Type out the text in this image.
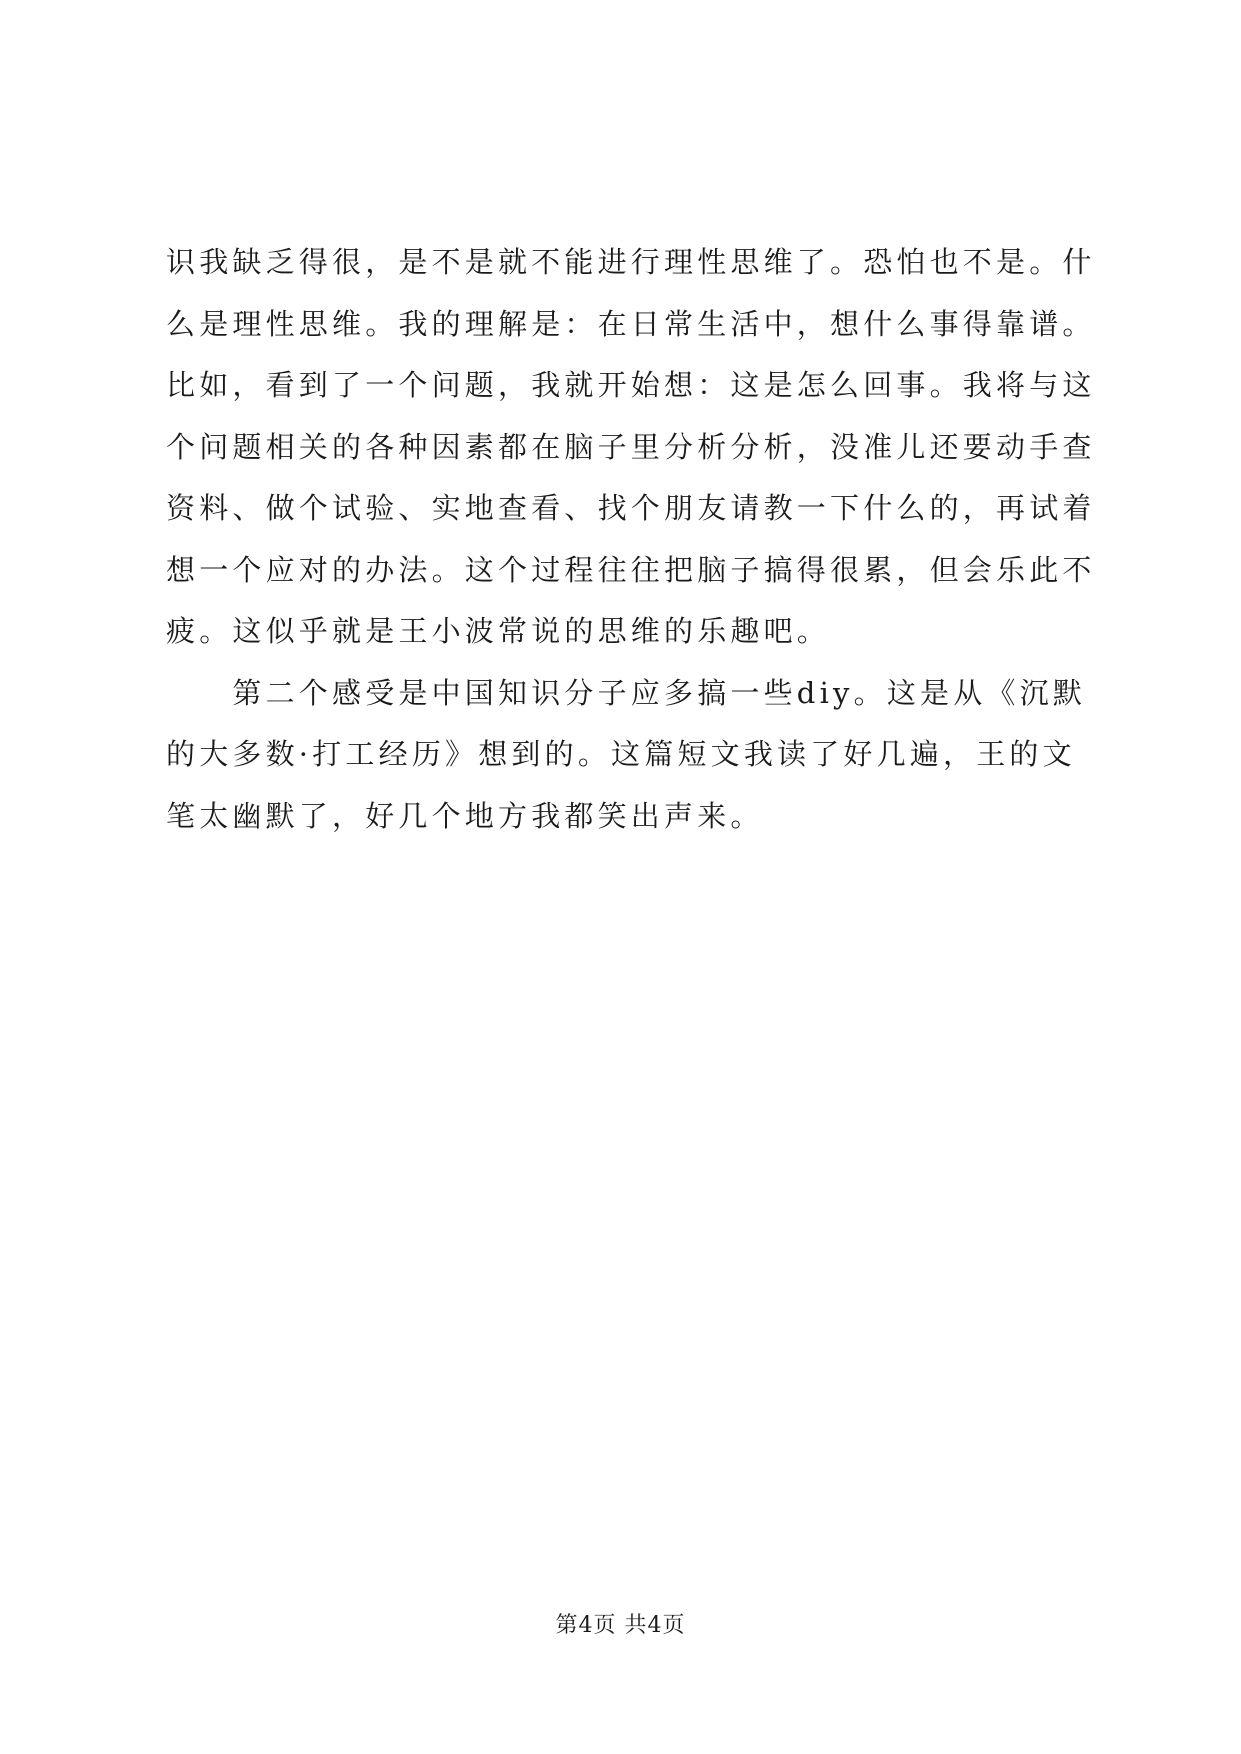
识我缺乏得很，是不是就不能进行理性思维了。恐怕也不是。什
么是理性思维。我的理解是：在日常生活中，想什么事得靠谱。
比如，看到了一个问题，我就开始想：这是怎么回事。我将与这
个问题相关的各种因素都在脑子里分析分析，没准儿还要动手查
资料、做个试验、实地查看、找个朋友请教一下什么的，再试着
想一个应对的办法。这个过程往往把脑子搞得很累，但会乐此不
疲。这似乎就是王小波常说的思维的乐趣吧。
　　第二个感受是中国知识分子应多搞一些diy。这是从《沉默
的大多数·打工经历》想到的。这篇短文我读了好几遍，王的文
笔太幽默了，好几个地方我都笑出声来。
第4页 共4页
